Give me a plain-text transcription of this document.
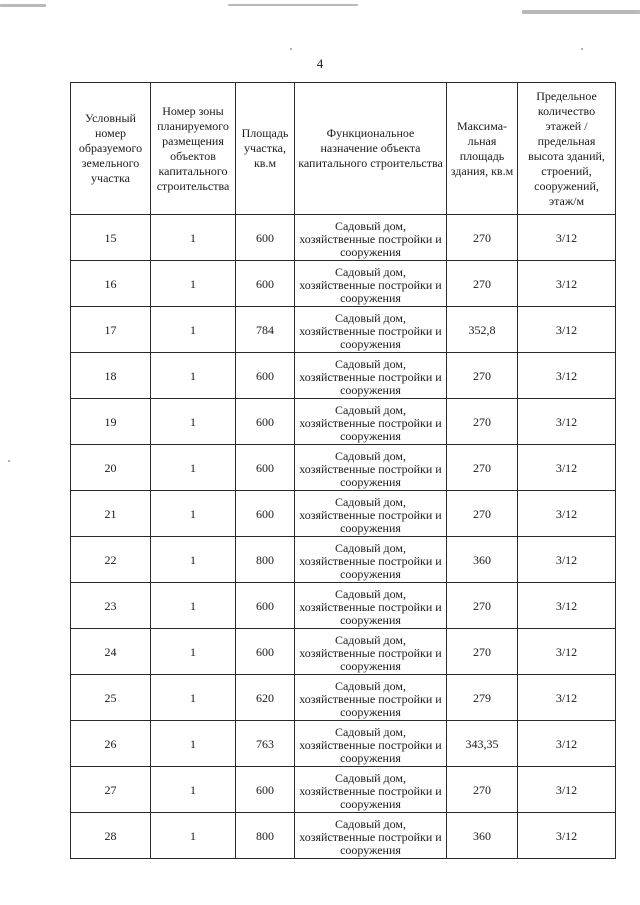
4
Условный номер образуемого земельного участка	Номер зоны планируемого размещения объектов капитального строительства	Площадь участка, кв.м	Функциональное назначение объекта капитального строительства	Максима-льная площадь здания, кв.м	Предельное количество этажей / предельная высота зданий, строений, сооружений, этаж/м
15	1	600	Садовый дом, хозяйственные постройки и сооружения	270	3/12
16	1	600	Садовый дом, хозяйственные постройки и сооружения	270	3/12
17	1	784	Садовый дом, хозяйственные постройки и сооружения	352,8	3/12
18	1	600	Садовый дом, хозяйственные постройки и сооружения	270	3/12
19	1	600	Садовый дом, хозяйственные постройки и сооружения	270	3/12
20	1	600	Садовый дом, хозяйственные постройки и сооружения	270	3/12
21	1	600	Садовый дом, хозяйственные постройки и сооружения	270	3/12
22	1	800	Садовый дом, хозяйственные постройки и сооружения	360	3/12
23	1	600	Садовый дом, хозяйственные постройки и сооружения	270	3/12
24	1	600	Садовый дом, хозяйственные постройки и сооружения	270	3/12
25	1	620	Садовый дом, хозяйственные постройки и сооружения	279	3/12
26	1	763	Садовый дом, хозяйственные постройки и сооружения	343,35	3/12
27	1	600	Садовый дом, хозяйственные постройки и сооружения	270	3/12
28	1	800	Садовый дом, хозяйственные постройки и сооружения	360	3/12
